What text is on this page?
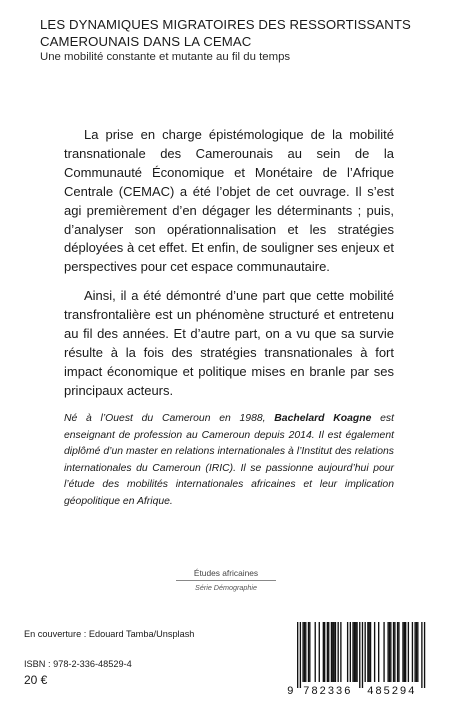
LES DYNAMIQUES MIGRATOIRES DES RESSORTISSANTS

CAMEROUNAIS DANS LA CEMAC

Une mobilité constante et mutante au fil du temps

La prise en charge épistémologique de la mobilité transnationale des Camerounais au sein de la Communauté Économique et Monétaire de l’Afrique Centrale (CEMAC) a été l’objet de cet ouvrage. Il s’est agi premièrement d’en dégager les déterminants ; puis, d’analyser son opérationnalisation et les stratégies déployées à cet effet. Et enfin, de souligner ses enjeux et perspectives pour cet espace communautaire.

Ainsi, il a été démontré d’une part que cette mobilité transfrontalière est un phénomène structuré et entretenu au fil des années. Et d’autre part, on a vu que sa survie résulte à la fois des stratégies transnationales à fort impact économique et politique mises en branle par ses principaux acteurs.

Né à l’Ouest du Cameroun en 1988, Bachelard Koagne est enseignant de profession au Cameroun depuis 2014. Il est également diplômé d’un master en relations internationales à l’Institut des relations internationales du Cameroun (IRIC). Il se passionne aujourd’hui pour l’étude des mobilités internationales africaines et leur implication géopolitique en Afrique.

Études africaines
Série Démographie

En couverture : Edouard Tamba/Unsplash

ISBN : 978-2-336-48529-4

20 €

9 782336 485294
